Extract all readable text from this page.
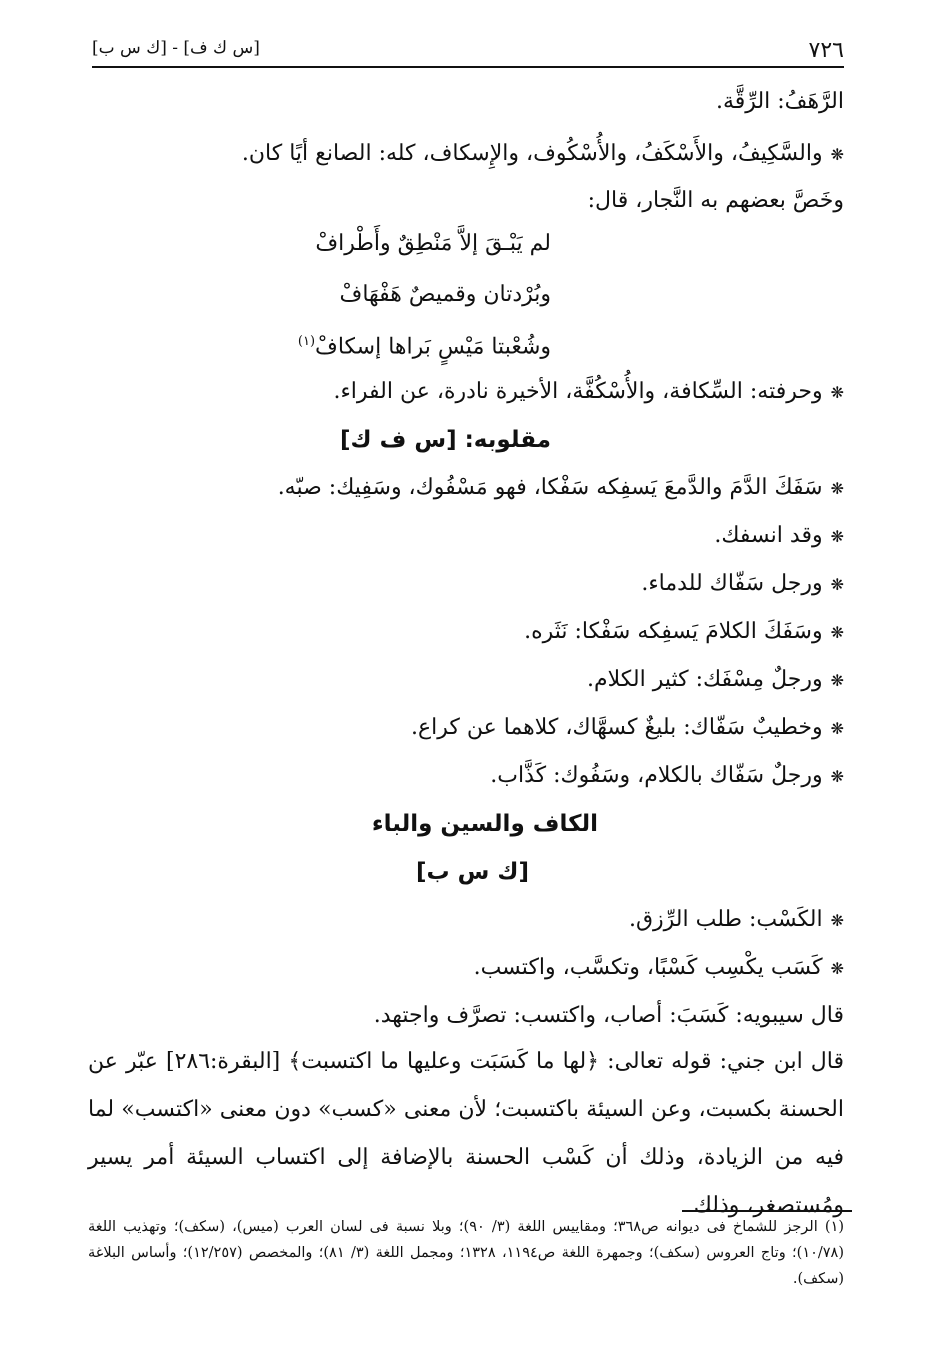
٧٢٦
[س ك ف] - [ك س ب]
الرَّهَفُ: الرِّقَّة.
❋والسَّكِيفُ، والأَسْكَفُ، والأُسْكُوف، والإِسكاف، كله: الصانع أيًا كان.
وخَصَّ بعضهم به النَّجار، قال:
لم يَبْـقَ إلاَّ مَنْطِقٌ وأَطْرافْ
وبُرْدتان وقميصٌ هَفْهَافْ
وشُعْبتا مَيْسٍ بَراها إسكافْ$^{(١)}$
❋وحرفته: السِّكافة، والأُسْكُفَّة، الأخيرة نادرة، عن الفراء.
مقلوبه: [س ف ك]
❋سَفَكَ الدَّمَ والدَّمعَ يَسفِكه سَفْكا، فهو مَسْفُوك، وسَفِيك: صبّه.
❋وقد انسفك.
❋ورجل سَفّاك للدماء.
❋وسَفَكَ الكلامَ يَسفِكه سَفْكا: نَثَره.
❋ورجلٌ مِسْفَك: كثير الكلام.
❋وخطيبٌ سَفّاك: بليغٌ كسهَّاك، كلاهما عن كراع.
❋ورجلٌ سَفّاك بالكلام، وسَفُوك: كَذَّاب.
الكاف والسين والباء
[ك س ب]
❋الكَسْب: طلب الرِّزق.
❋كَسَب يكْسِب كَسْبًا، وتكسَّب، واكتسب.
قال سيبويه: كَسَبَ: أصاب، واكتسب: تصرَّف واجتهد.
قال ابن جني: قوله تعالى: ﴿لها ما كَسَبَت وعليها ما اكتسبت﴾ [البقرة:٢٨٦] عبّر عن الحسنة بكسبت، وعن السيئة باكتسبت؛ لأن معنى «كسب» دون معنى «اكتسب» لما فيه من الزيادة، وذلك أن كَسْب الحسنة بالإضافة إلى اكتساب السيئة أمر يسير ومُستصغر، وذلك
(١) الرجز للشماخ فى ديوانه ص٣٦٨؛ ومقاييس اللغة (٣/ ٩٠)؛ وبلا نسبة فى لسان العرب (ميس)، (سكف)؛ وتهذيب اللغة (١٠/٧٨)؛ وتاج العروس (سكف)؛ وجمهرة اللغة ص١١٩٤، ١٣٢٨؛ ومجمل اللغة (٣/ ٨١)؛ والمخصص (١٢/٢٥٧)؛ وأساس البلاغة (سكف).
